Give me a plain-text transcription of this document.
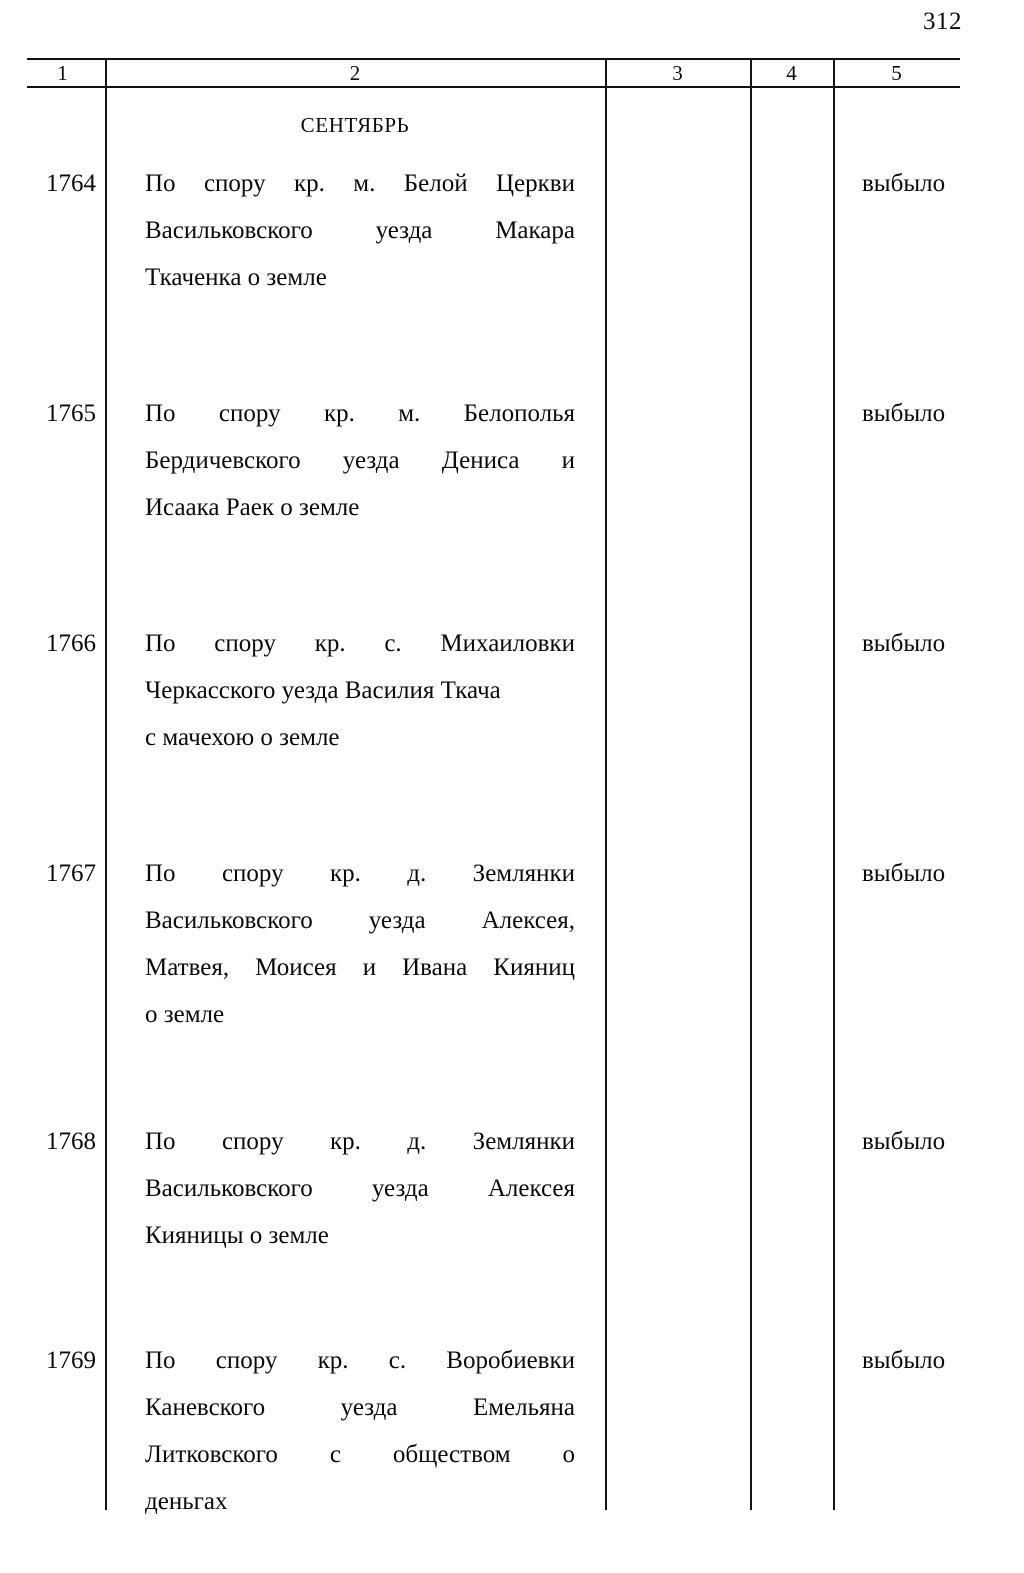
312
1	2	3	4	5
СЕНТЯБРЬ
1764 По спору кр. м. Белой Церкви
Васильковского	уезда	Макара
Ткаченка о земле
выбыло
1765 По спору кр. м. Белополья
Бердичевского уезда Дениса и
Исаака Раек о земле
выбыло
1766 По спору кр. с. Михаиловки
Черкасского уезда Василия Ткача
с мачехою о земле
выбыло
1767 По спору кр. д. Землянки
Васильковского уезда Алексея,
Матвея, Моисея и Ивана Кияниц
о земле
выбыло
1768 По спору кр. д. Землянки
Васильковского уезда Алексея
Кияницы о земле
выбыло
1769 По спору кр. с. Воробиевки
Каневского	уезда	Емельяна
Литковского с обществом о
деньгах
выбыло
